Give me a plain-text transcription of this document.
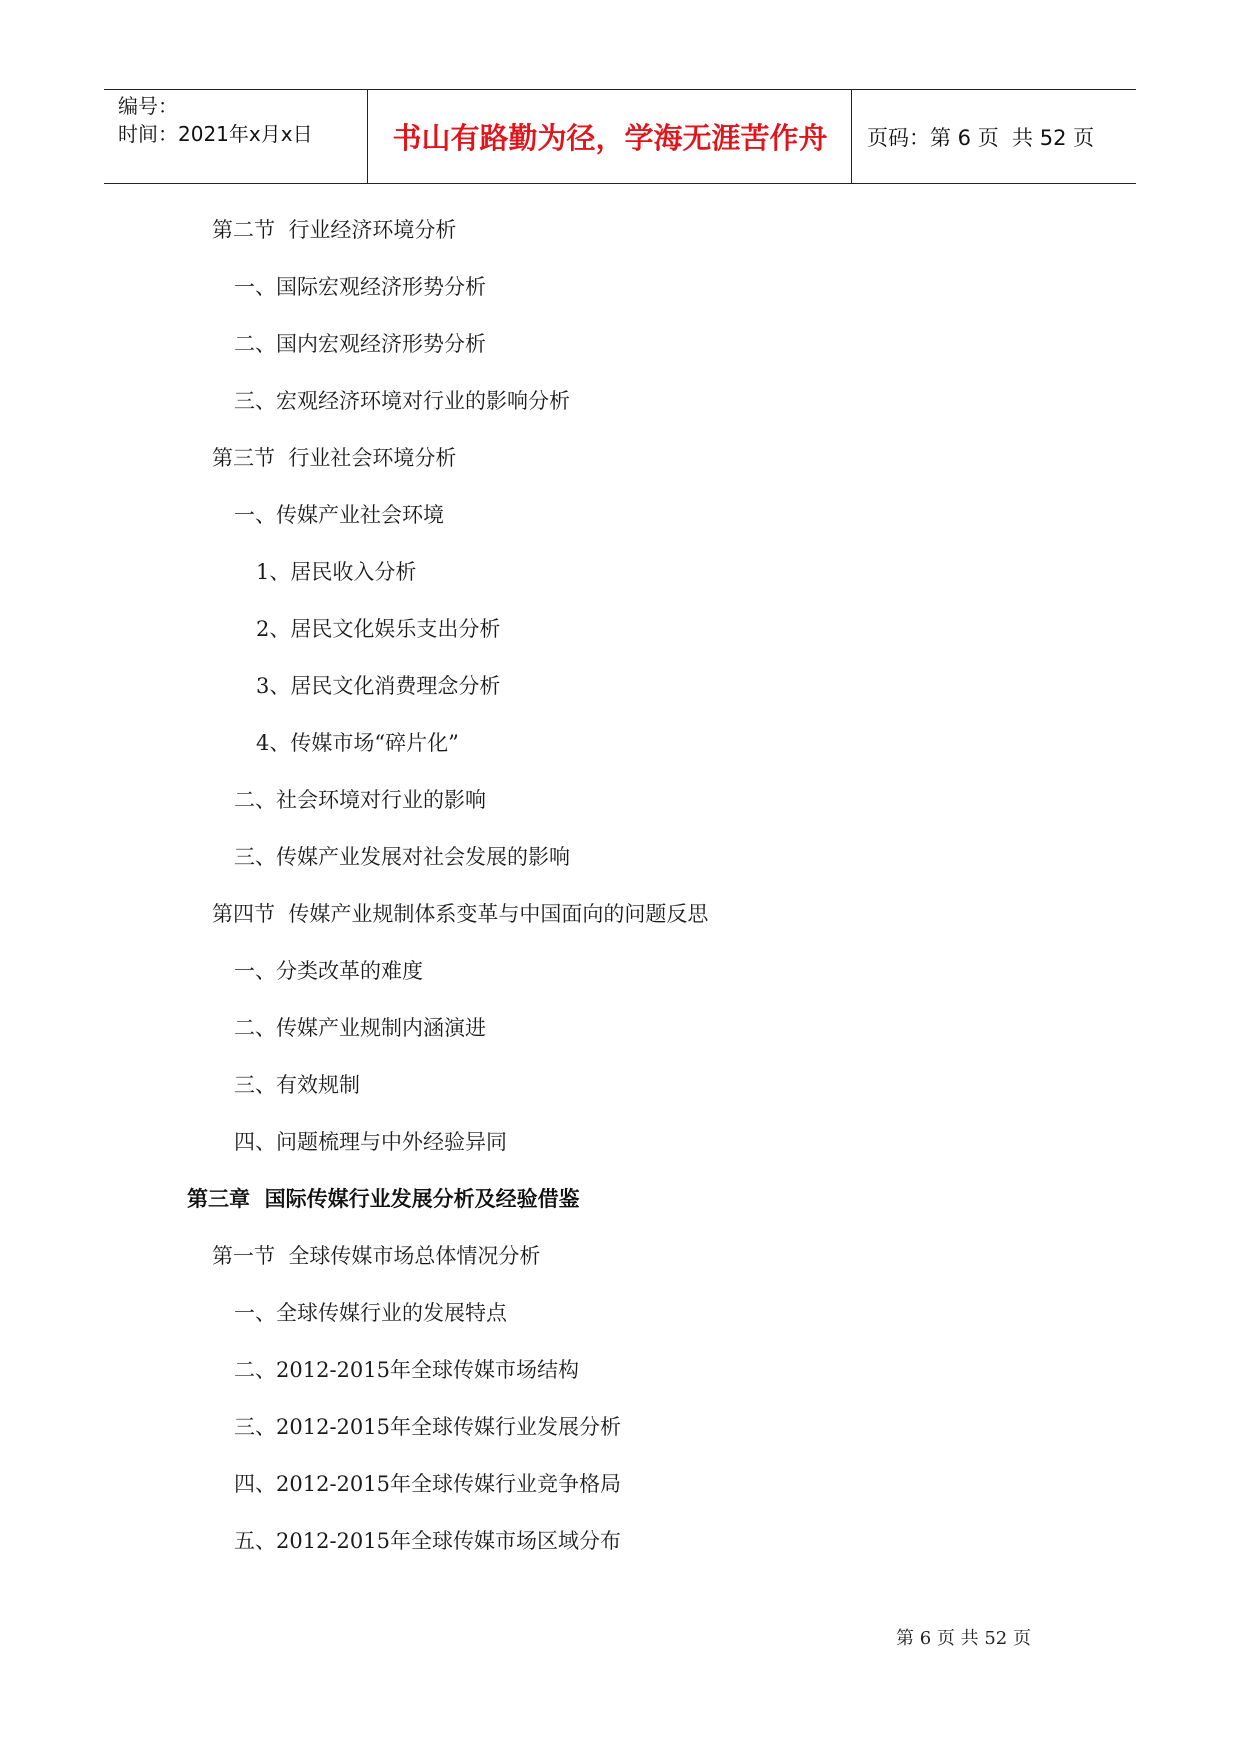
编号：
时间：2021年x月x日	书山有路勤为径，学海无涯苦作舟	页码：第 6 页  共 52 页
第二节  行业经济环境分析
一、国际宏观经济形势分析
二、国内宏观经济形势分析
三、宏观经济环境对行业的影响分析
第三节  行业社会环境分析
一、传媒产业社会环境
1、居民收入分析
2、居民文化娱乐支出分析
3、居民文化消费理念分析
4、传媒市场“碎片化”
二、社会环境对行业的影响
三、传媒产业发展对社会发展的影响
第四节  传媒产业规制体系变革与中国面向的问题反思
一、分类改革的难度
二、传媒产业规制内涵演进
三、有效规制
四、问题梳理与中外经验异同
第三章  国际传媒行业发展分析及经验借鉴
第一节  全球传媒市场总体情况分析
一、全球传媒行业的发展特点
二、2012-2015年全球传媒市场结构
三、2012-2015年全球传媒行业发展分析
四、2012-2015年全球传媒行业竞争格局
五、2012-2015年全球传媒市场区域分布
第 6 页 共 52 页
